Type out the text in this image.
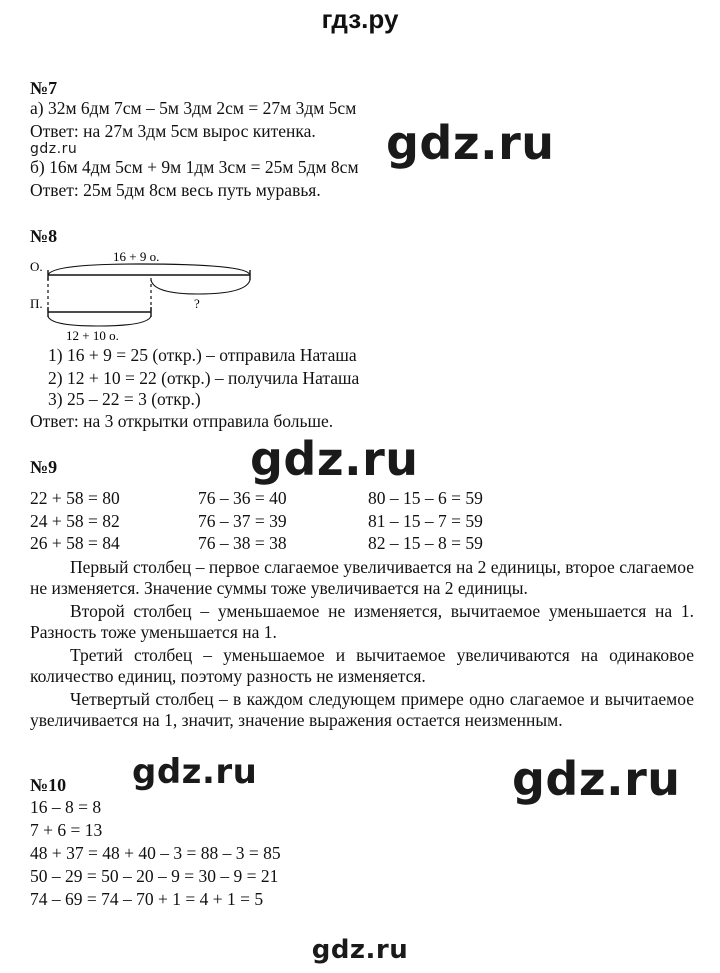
гдз.ру
№7
а) 32м 6дм 7см – 5м 3дм 2см = 27м 3дм 5см
Ответ: на 27м 3дм 5см вырос китенка.
gdz.ru
б) 16м 4дм 5см + 9м 1дм 3см = 25м 5дм 8см
Ответ: 25м 5дм 8см весь путь муравья.
gdz.ru
№8
О.
П.
16 + 9 о.
?
12 + 10 о.
1) 16 + 9 = 25 (откр.) – отправила Наташа
2) 12 + 10 = 22 (откр.) – получила Наташа
3) 25 – 22 = 3 (откр.)
Ответ: на 3 открытки отправила больше.
gdz.ru
№9
22 + 58 = 80
24 + 58 = 82
26 + 58 = 84
76 – 36 = 40
76 – 37 = 39
76 – 38 = 38
80 – 15 – 6 = 59
81 – 15 – 7 = 59
82 – 15 – 8 = 59
Первый столбец – первое слагаемое увеличивается на 2 единицы, второе слагаемое не изменяется. Значение суммы тоже увеличивается на 2 единицы.
Второй столбец – уменьшаемое не изменяется, вычитаемое уменьшается на 1. Разность тоже уменьшается на 1.
Третий столбец – уменьшаемое и вычитаемое увеличиваются на одинаковое количество единиц, поэтому разность не изменяется.
Четвертый столбец – в каждом следующем примере одно слагаемое и вычитаемое увеличивается на 1, значит, значение выражения остается неизменным.
gdz.ru	gdz.ru
№10
16 – 8 = 8
7 + 6 = 13
48 + 37 = 48 + 40 – 3 = 88 – 3 = 85
50 – 29 = 50 – 20 – 9 = 30 – 9 = 21
74 – 69 = 74 – 70 + 1 = 4 + 1 = 5
gdz.ru
